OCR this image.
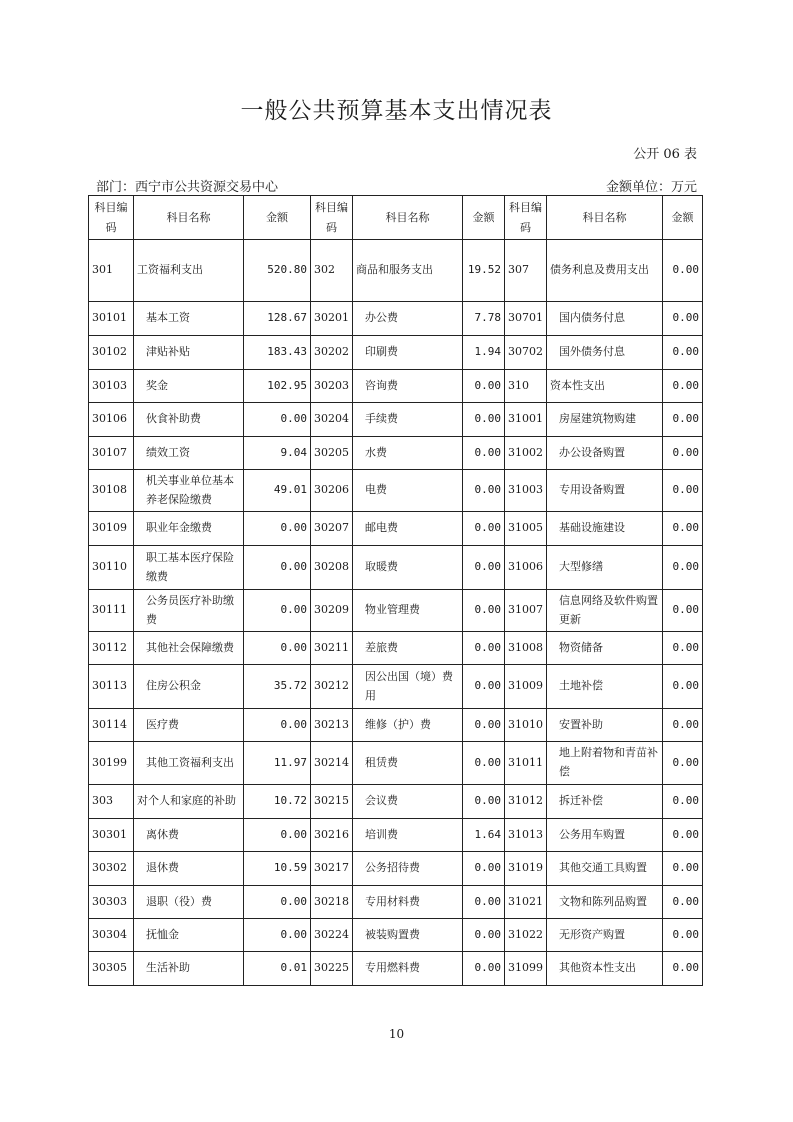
一般公共预算基本支出情况表
公开 06 表
部门：西宁市公共资源交易中心	金额单位：万元
科目编码	科目名称	金额	科目编码	科目名称	金额	科目编码	科目名称	金额
301	工资福利支出	520.80	302	商品和服务支出	19.52	307	债务利息及费用支出	0.00
30101	基本工资	128.67	30201	办公费	7.78	30701	国内债务付息	0.00
30102	津贴补贴	183.43	30202	印刷费	1.94	30702	国外债务付息	0.00
30103	奖金	102.95	30203	咨询费	0.00	310	资本性支出	0.00
30106	伙食补助费	0.00	30204	手续费	0.00	31001	房屋建筑物购建	0.00
30107	绩效工资	9.04	30205	水费	0.00	31002	办公设备购置	0.00
30108	机关事业单位基本养老保险缴费	49.01	30206	电费	0.00	31003	专用设备购置	0.00
30109	职业年金缴费	0.00	30207	邮电费	0.00	31005	基础设施建设	0.00
30110	职工基本医疗保险缴费	0.00	30208	取暖费	0.00	31006	大型修缮	0.00
30111	公务员医疗补助缴费	0.00	30209	物业管理费	0.00	31007	信息网络及软件购置更新	0.00
30112	其他社会保障缴费	0.00	30211	差旅费	0.00	31008	物资储备	0.00
30113	住房公积金	35.72	30212	因公出国（境）费用	0.00	31009	土地补偿	0.00
30114	医疗费	0.00	30213	维修（护）费	0.00	31010	安置补助	0.00
30199	其他工资福利支出	11.97	30214	租赁费	0.00	31011	地上附着物和青苗补偿	0.00
303	对个人和家庭的补助	10.72	30215	会议费	0.00	31012	拆迁补偿	0.00
30301	离休费	0.00	30216	培训费	1.64	31013	公务用车购置	0.00
30302	退休费	10.59	30217	公务招待费	0.00	31019	其他交通工具购置	0.00
30303	退职（役）费	0.00	30218	专用材料费	0.00	31021	文物和陈列品购置	0.00
30304	抚恤金	0.00	30224	被装购置费	0.00	31022	无形资产购置	0.00
30305	生活补助	0.01	30225	专用燃料费	0.00	31099	其他资本性支出	0.00
10
